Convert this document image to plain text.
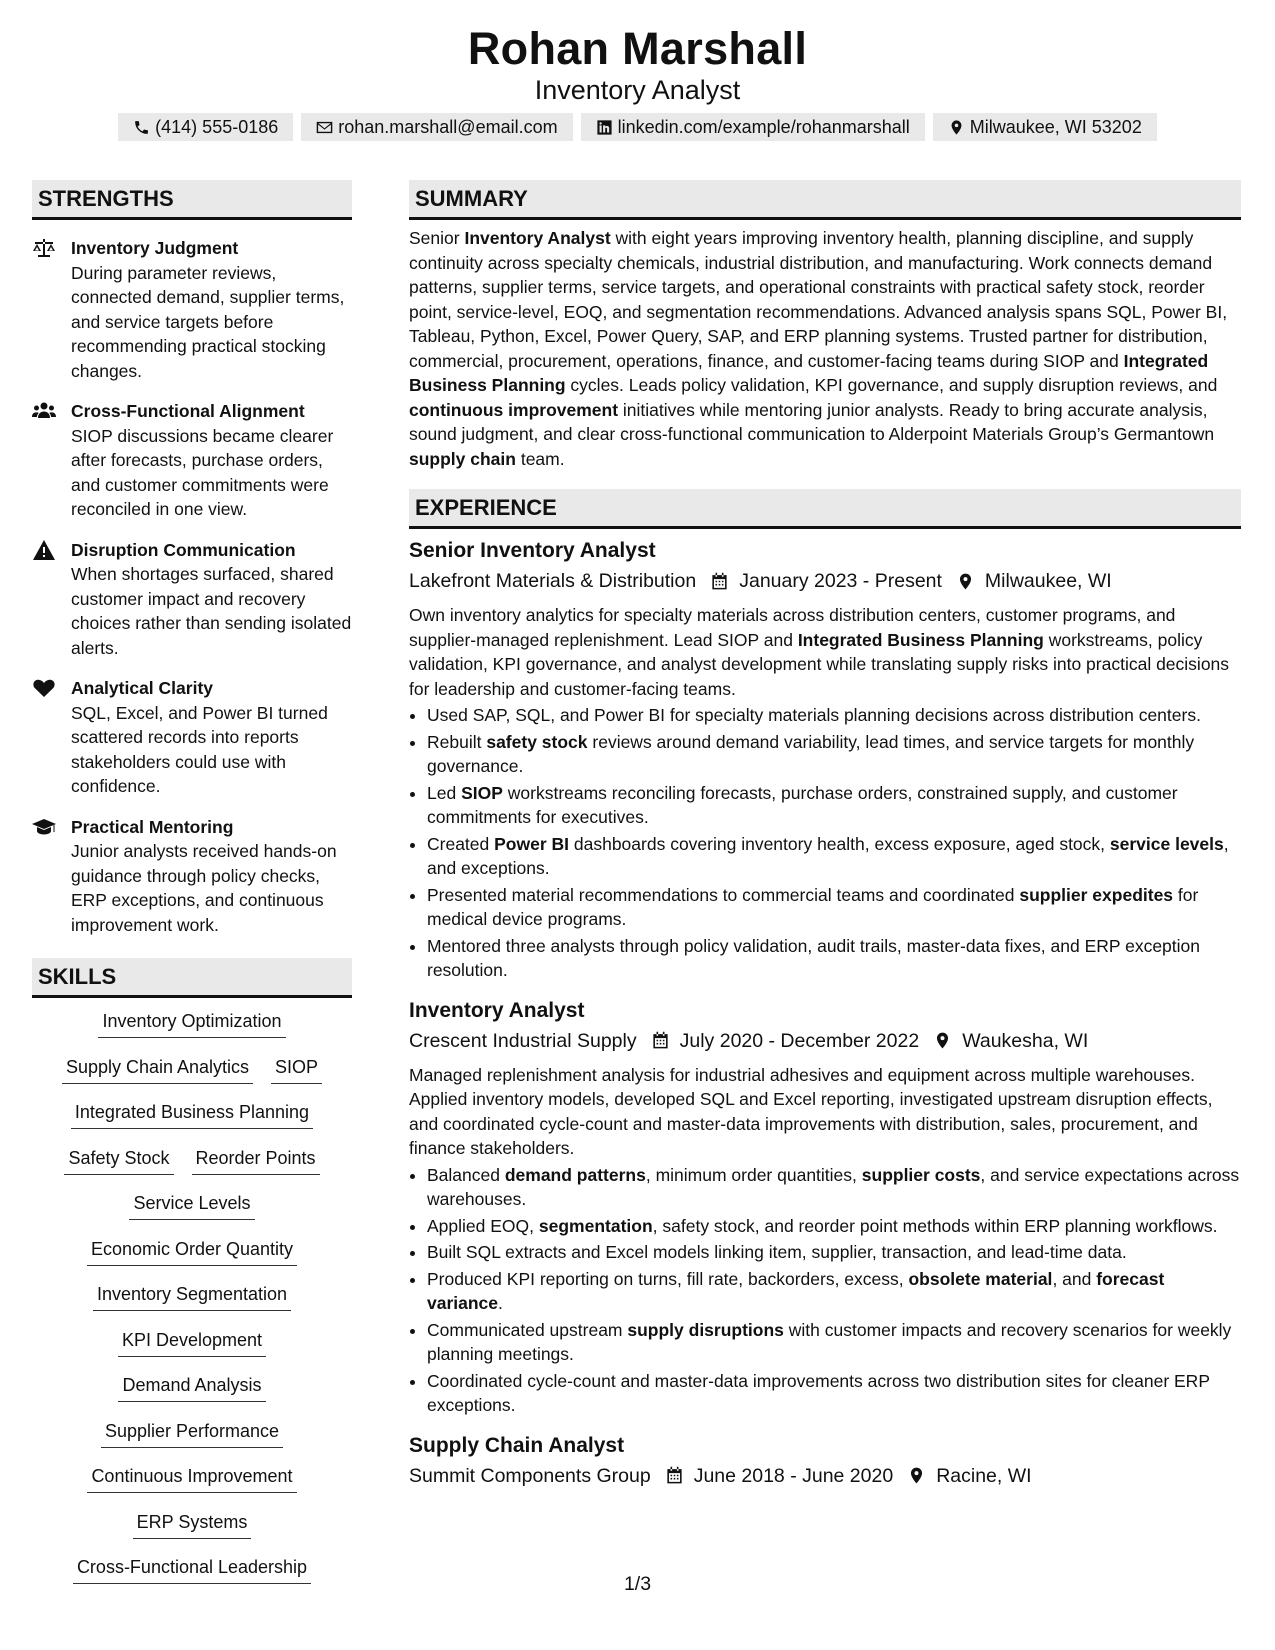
Rohan Marshall
Inventory Analyst
(414) 555-0186	rohan.marshall@email.com	linkedin.com/example/rohanmarshall	Milwaukee, WI 53202
STRENGTHS
Inventory Judgment
During parameter reviews, connected demand, supplier terms, and service targets before recommending practical stocking changes.
Cross-Functional Alignment
SIOP discussions became clearer after forecasts, purchase orders, and customer commitments were reconciled in one view.
Disruption Communication
When shortages surfaced, shared customer impact and recovery choices rather than sending isolated alerts.
Analytical Clarity
SQL, Excel, and Power BI turned scattered records into reports stakeholders could use with confidence.
Practical Mentoring
Junior analysts received hands-on guidance through policy checks, ERP exceptions, and continuous improvement work.
SKILLS
Inventory Optimization
Supply Chain Analytics SIOP
Integrated Business Planning
Safety Stock Reorder Points
Service Levels
Economic Order Quantity
Inventory Segmentation
KPI Development
Demand Analysis
Supplier Performance
Continuous Improvement
ERP Systems
Cross-Functional Leadership
SUMMARY
Senior Inventory Analyst with eight years improving inventory health, planning discipline, and supply continuity across specialty chemicals, industrial distribution, and manufacturing. Work connects demand patterns, supplier terms, service targets, and operational constraints with practical safety stock, reorder point, service-level, EOQ, and segmentation recommendations. Advanced analysis spans SQL, Power BI, Tableau, Python, Excel, Power Query, SAP, and ERP planning systems. Trusted partner for distribution, commercial, procurement, operations, finance, and customer-facing teams during SIOP and Integrated Business Planning cycles. Leads policy validation, KPI governance, and supply disruption reviews, and continuous improvement initiatives while mentoring junior analysts. Ready to bring accurate analysis, sound judgment, and clear cross-functional communication to Alderpoint Materials Group’s Germantown supply chain team.
EXPERIENCE
Senior Inventory Analyst
Lakefront Materials & Distribution January 2023 - Present Milwaukee, WI
Own inventory analytics for specialty materials across distribution centers, customer programs, and supplier-managed replenishment. Lead SIOP and Integrated Business Planning workstreams, policy validation, KPI governance, and analyst development while translating supply risks into practical decisions for leadership and customer-facing teams.
• Used SAP, SQL, and Power BI for specialty materials planning decisions across distribution centers.
• Rebuilt safety stock reviews around demand variability, lead times, and service targets for monthly governance.
• Led SIOP workstreams reconciling forecasts, purchase orders, constrained supply, and customer commitments for executives.
• Created Power BI dashboards covering inventory health, excess exposure, aged stock, service levels, and exceptions.
• Presented material recommendations to commercial teams and coordinated supplier expedites for medical device programs.
• Mentored three analysts through policy validation, audit trails, master-data fixes, and ERP exception resolution.
Inventory Analyst
Crescent Industrial Supply July 2020 - December 2022 Waukesha, WI
Managed replenishment analysis for industrial adhesives and equipment across multiple warehouses. Applied inventory models, developed SQL and Excel reporting, investigated upstream disruption effects, and coordinated cycle-count and master-data improvements with distribution, sales, procurement, and finance stakeholders.
• Balanced demand patterns, minimum order quantities, supplier costs, and service expectations across warehouses.
• Applied EOQ, segmentation, safety stock, and reorder point methods within ERP planning workflows.
• Built SQL extracts and Excel models linking item, supplier, transaction, and lead-time data.
• Produced KPI reporting on turns, fill rate, backorders, excess, obsolete material, and forecast variance.
• Communicated upstream supply disruptions with customer impacts and recovery scenarios for weekly planning meetings.
• Coordinated cycle-count and master-data improvements across two distribution sites for cleaner ERP exceptions.
Supply Chain Analyst
Summit Components Group June 2018 - June 2020 Racine, WI
1/3
